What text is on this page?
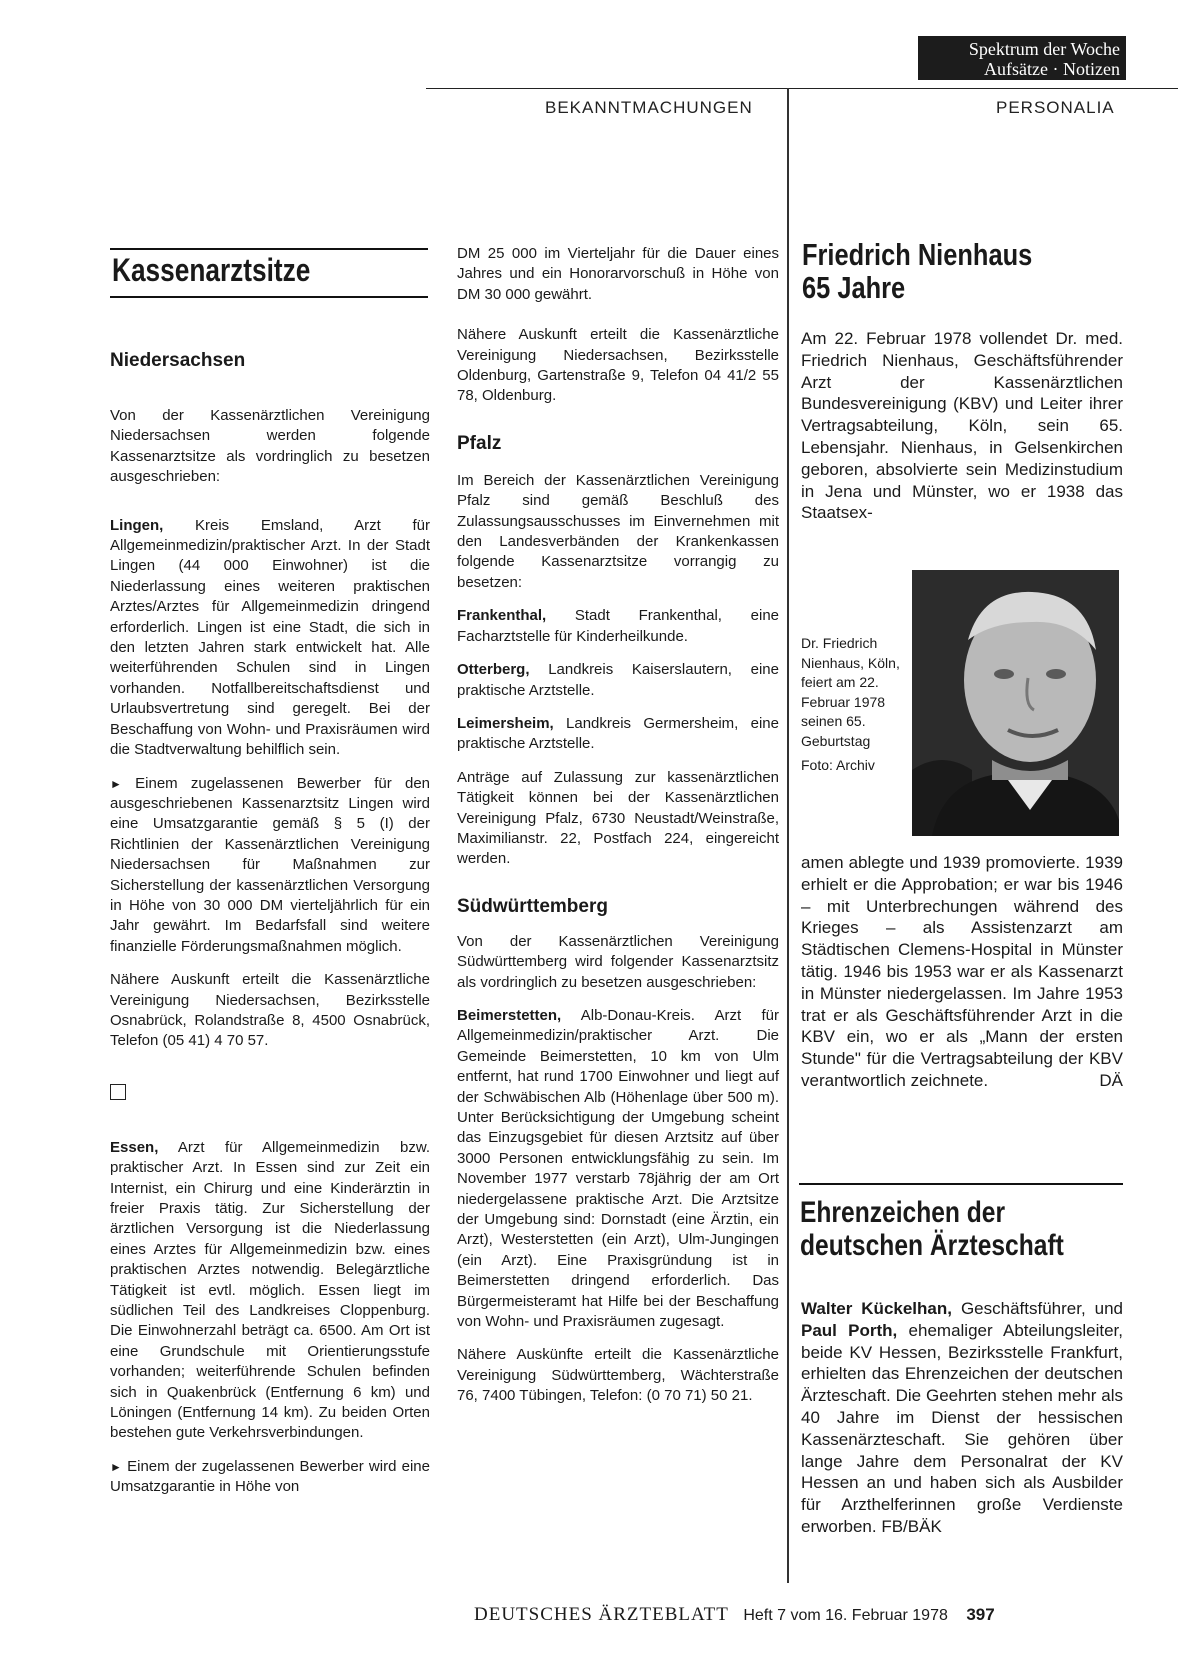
Spektrum der Woche
Aufsätze · Notizen
BEKANNTMACHUNGEN	PERSONALIA
Kassenarztsitze
Niedersachsen

Von der Kassenärztlichen Vereinigung Niedersachsen werden folgende Kassenarztsitze als vordringlich zu besetzen ausgeschrieben:

Lingen, Kreis Emsland, Arzt für Allgemeinmedizin/praktischer Arzt. In der Stadt Lingen (44 000 Einwohner) ist die Niederlassung eines weiteren praktischen Arztes/Arztes für Allgemeinmedizin dringend erforderlich. Lingen ist eine Stadt, die sich in den letzten Jahren stark entwickelt hat. Alle weiterführenden Schulen sind in Lingen vorhanden. Notfallbereitschaftsdienst und Urlaubsvertretung sind geregelt. Bei der Beschaffung von Wohn- und Praxisräumen wird die Stadtverwaltung behilflich sein.

► Einem zugelassenen Bewerber für den ausgeschriebenen Kassenarztsitz Lingen wird eine Umsatzgarantie gemäß § 5 (I) der Richtlinien der Kassenärztlichen Vereinigung Niedersachsen für Maßnahmen zur Sicherstellung der kassenärztlichen Versorgung in Höhe von 30 000 DM vierteljährlich für ein Jahr gewährt. Im Bedarfsfall sind weitere finanzielle Förderungsmaßnahmen möglich.

Nähere Auskunft erteilt die Kassenärztliche Vereinigung Niedersachsen, Bezirksstelle Osnabrück, Rolandstraße 8, 4500 Osnabrück, Telefon (05 41) 4 70 57.

Essen, Arzt für Allgemeinmedizin bzw. praktischer Arzt. In Essen sind zur Zeit ein Internist, ein Chirurg und eine Kinderärztin in freier Praxis tätig. Zur Sicherstellung der ärztlichen Versorgung ist die Niederlassung eines Arztes für Allgemeinmedizin bzw. eines praktischen Arztes notwendig. Belegärztliche Tätigkeit ist evtl. möglich. Essen liegt im südlichen Teil des Landkreises Cloppenburg. Die Einwohnerzahl beträgt ca. 6500. Am Ort ist eine Grundschule mit Orientierungsstufe vorhanden; weiterführende Schulen befinden sich in Quakenbrück (Entfernung 6 km) und Löningen (Entfernung 14 km). Zu beiden Orten bestehen gute Verkehrsverbindungen.

► Einem der zugelassenen Bewerber wird eine Umsatzgarantie in Höhe von

DM 25 000 im Vierteljahr für die Dauer eines Jahres und ein Honorarvorschuß in Höhe von DM 30 000 gewährt.

Nähere Auskunft erteilt die Kassenärztliche Vereinigung Niedersachsen, Bezirksstelle Oldenburg, Gartenstraße 9, Telefon 04 41/2 55 78, Oldenburg.

Pfalz

Im Bereich der Kassenärztlichen Vereinigung Pfalz sind gemäß Beschluß des Zulassungsausschusses im Einvernehmen mit den Landesverbänden der Krankenkassen folgende Kassenarztsitze vorrangig zu besetzen:

Frankenthal, Stadt Frankenthal, eine Facharztstelle für Kinderheilkunde.

Otterberg, Landkreis Kaiserslautern, eine praktische Arztstelle.

Leimersheim, Landkreis Germersheim, eine praktische Arztstelle.

Anträge auf Zulassung zur kassenärztlichen Tätigkeit können bei der Kassenärztlichen Vereinigung Pfalz, 6730 Neustadt/Weinstraße, Maximilianstr. 22, Postfach 224, eingereicht werden.

Südwürttemberg

Von der Kassenärztlichen Vereinigung Südwürttemberg wird folgender Kassenarztsitz als vordringlich zu besetzen ausgeschrieben:

Beimerstetten, Alb-Donau-Kreis. Arzt für Allgemeinmedizin/praktischer Arzt. Die Gemeinde Beimerstetten, 10 km von Ulm entfernt, hat rund 1700 Einwohner und liegt auf der Schwäbischen Alb (Höhenlage über 500 m). Unter Berücksichtigung der Umgebung scheint das Einzugsgebiet für diesen Arztsitz auf über 3000 Personen entwicklungsfähig zu sein. Im November 1977 verstarb 78jährig der am Ort niedergelassene praktische Arzt. Die Arztsitze der Umgebung sind: Dornstadt (eine Ärztin, ein Arzt), Westerstetten (ein Arzt), Ulm-Jungingen (ein Arzt). Eine Praxisgründung ist in Beimerstetten dringend erforderlich. Das Bürgermeisteramt hat Hilfe bei der Beschaffung von Wohn- und Praxisräumen zugesagt.

Nähere Auskünfte erteilt die Kassenärztliche Vereinigung Südwürttemberg, Wächterstraße 76, 7400 Tübingen, Telefon: (0 70 71) 50 21.

Friedrich Nienhaus
65 Jahre

Am 22. Februar 1978 vollendet Dr. med. Friedrich Nienhaus, Geschäftsführender Arzt der Kassenärztlichen Bundesvereinigung (KBV) und Leiter ihrer Vertragsabteilung, Köln, sein 65. Lebensjahr. Nienhaus, in Gelsenkirchen geboren, absolvierte sein Medizinstudium in Jena und Münster, wo er 1938 das Staatsex-

Dr. Friedrich Nienhaus, Köln, feiert am 22. Februar 1978 seinen 65. Geburtstag
Foto: Archiv

amen ablegte und 1939 promovierte. 1939 erhielt er die Approbation; er war bis 1946 – mit Unterbrechungen während des Krieges – als Assistenzarzt am Städtischen Clemens-Hospital in Münster tätig. 1946 bis 1953 war er als Kassenarzt in Münster niedergelassen. Im Jahre 1953 trat er als Geschäftsführender Arzt in die KBV ein, wo er als „Mann der ersten Stunde" für die Vertragsabteilung der KBV verantwortlich zeichnete.	DÄ

Ehrenzeichen der
deutschen Ärzteschaft

Walter Kückelhan, Geschäftsführer, und Paul Porth, ehemaliger Abteilungsleiter, beide KV Hessen, Bezirksstelle Frankfurt, erhielten das Ehrenzeichen der deutschen Ärzteschaft. Die Geehrten stehen mehr als 40 Jahre im Dienst der hessischen Kassenärzteschaft. Sie gehören über lange Jahre dem Personalrat der KV Hessen an und haben sich als Ausbilder für Arzthelferinnen große Verdienste erworben. FB/BÄK

DEUTSCHES ÄRZTEBLATT Heft 7 vom 16. Februar 1978 397
